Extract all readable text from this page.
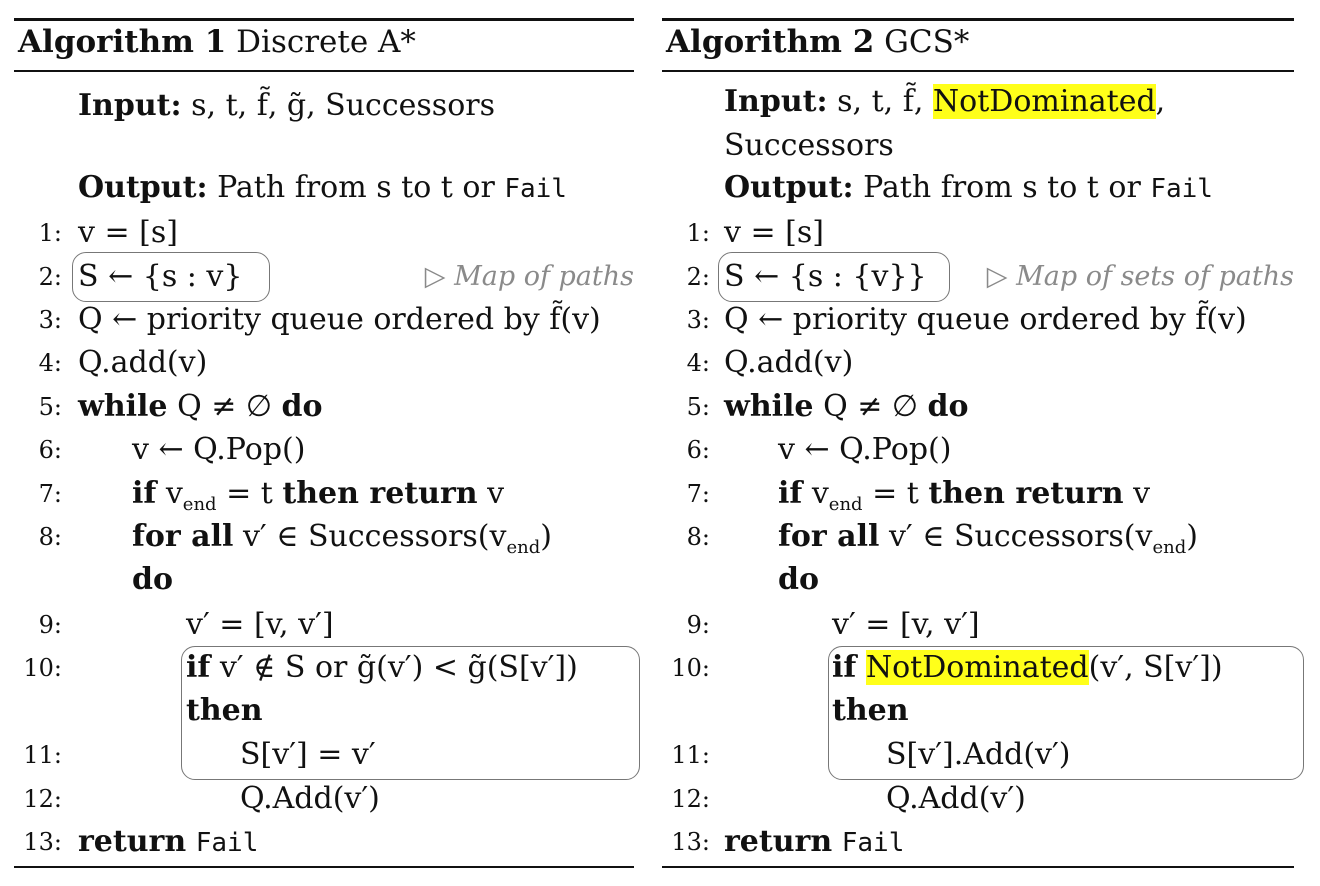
Algorithm 1 Discrete A*
Input: s, t, f̃, g̃, Successors
Output: Path from s to t or Fail
1: v = [s]
2: S ← {s : v}	▷ Map of paths
3: Q ← priority queue ordered by f̃(v)
4: Q.add(v)
5: while Q ≠ ∅ do
6: v ← Q.Pop()
7: if $v_{end} = t$ then return v
8: for all v′ ∈ $Successors(v_{end})$
do
9:	v′ = [v, v′]
10:	if v′ ∉ S or g̃(v′) < g̃(S[v′])
then
11:	S[v′] = v′
12:	Q.Add(v′)
13: return Fail
Algorithm 2 GCS*
Input: s, t, f̃, NotDominated,
Successors
Output: Path from s to t or Fail
1: v = [s]
2: S ← {s : {v}} ▷ Map of sets of paths
3: Q ← priority queue ordered by f̃(v)
4: Q.add(v)
5: while Q ≠ ∅ do
6: v ← Q.Pop()
7: if $v_{end} = t$ then return v
8: for all v′ ∈ $Successors(v_{end})$
do
9:	v′ = [v, v′]
10:	if NotDominated(v′, S[v′])
then
11:	S[v′].Add(v′)
12:	Q.Add(v′)
13: return Fail
